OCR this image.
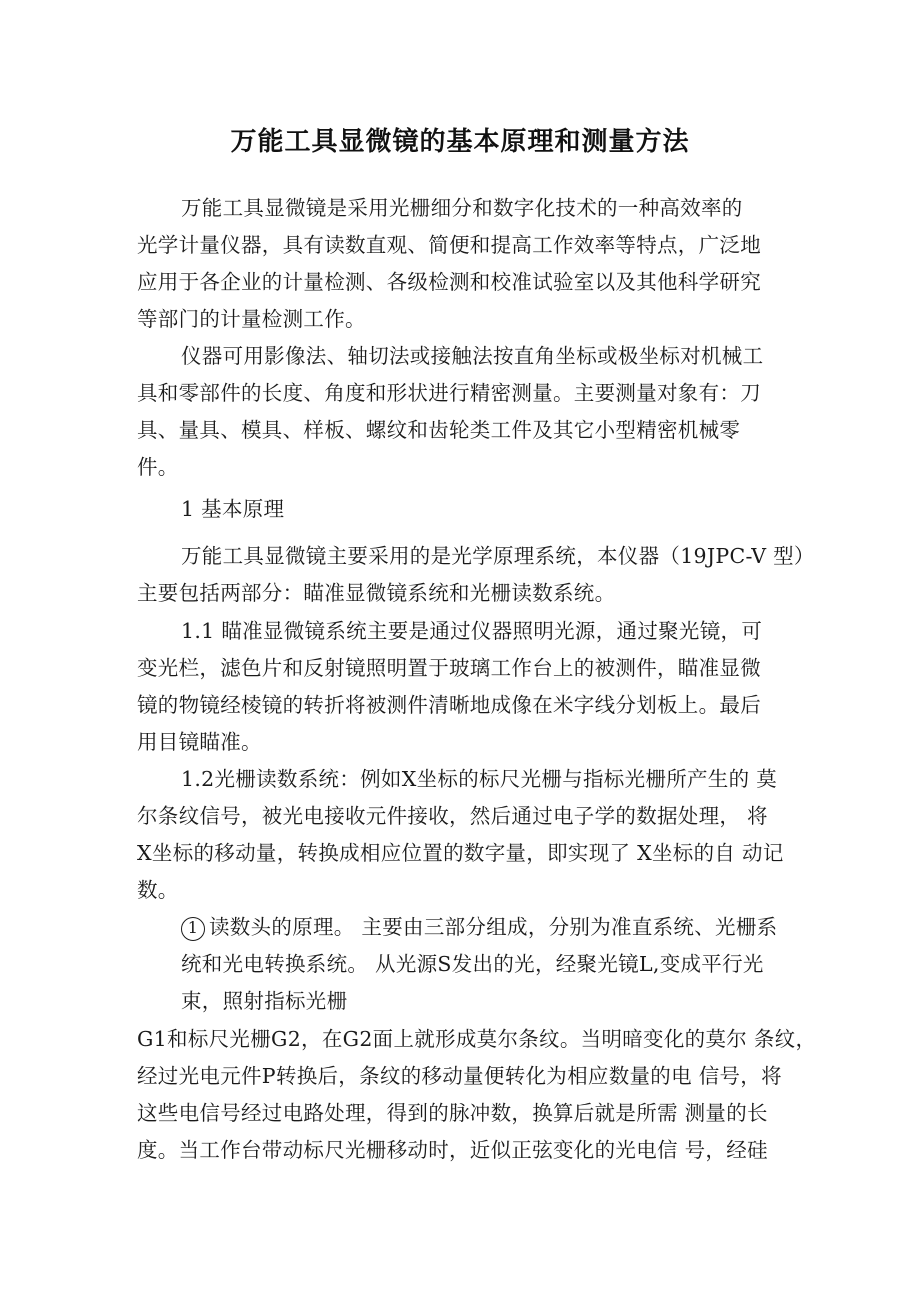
万能工具显微镜的基本原理和测量方法
万能工具显微镜是采用光栅细分和数字化技术的一种高效率的
光学计量仪器，具有读数直观、简便和提高工作效率等特点，广泛地
应用于各企业的计量检测、各级检测和校准试验室以及其他科学研究
等部门的计量检测工作。
仪器可用影像法、轴切法或接触法按直角坐标或极坐标对机械工
具和零部件的长度、角度和形状进行精密测量。主要测量对象有：刀
具、量具、模具、样板、螺纹和齿轮类工件及其它小型精密机械零
件。
1 基本原理
万能工具显微镜主要采用的是光学原理系统，本仪器（19JPC-V 型）
主要包括两部分：瞄准显微镜系统和光栅读数系统。
1.1 瞄准显微镜系统主要是通过仪器照明光源，通过聚光镜，可
变光栏，滤色片和反射镜照明置于玻璃工作台上的被测件，瞄准显微
镜的物镜经棱镜的转折将被测件清晰地成像在米字线分划板上。最后
用目镜瞄准。
1.2光栅读数系统：例如X坐标的标尺光栅与指标光栅所产生的 莫
尔条纹信号，被光电接收元件接收，然后通过电子学的数据处理， 将
X坐标的移动量，转换成相应位置的数字量，即实现了 X坐标的自 动记
数。
1 读数头的原理。 主要由三部分组成，分别为准直系统、光栅系
统和光电转换系统。 从光源S发出的光，经聚光镜L,变成平行光
束，照射指标光栅
G1和标尺光栅G2，在G2面上就形成莫尔条纹。当明暗变化的莫尔 条纹，
经过光电元件P转换后，条纹的移动量便转化为相应数量的电 信号，将
这些电信号经过电路处理，得到的脉冲数，换算后就是所需 测量的长
度。当工作台带动标尺光栅移动时，近似正弦变化的光电信 号，经硅
